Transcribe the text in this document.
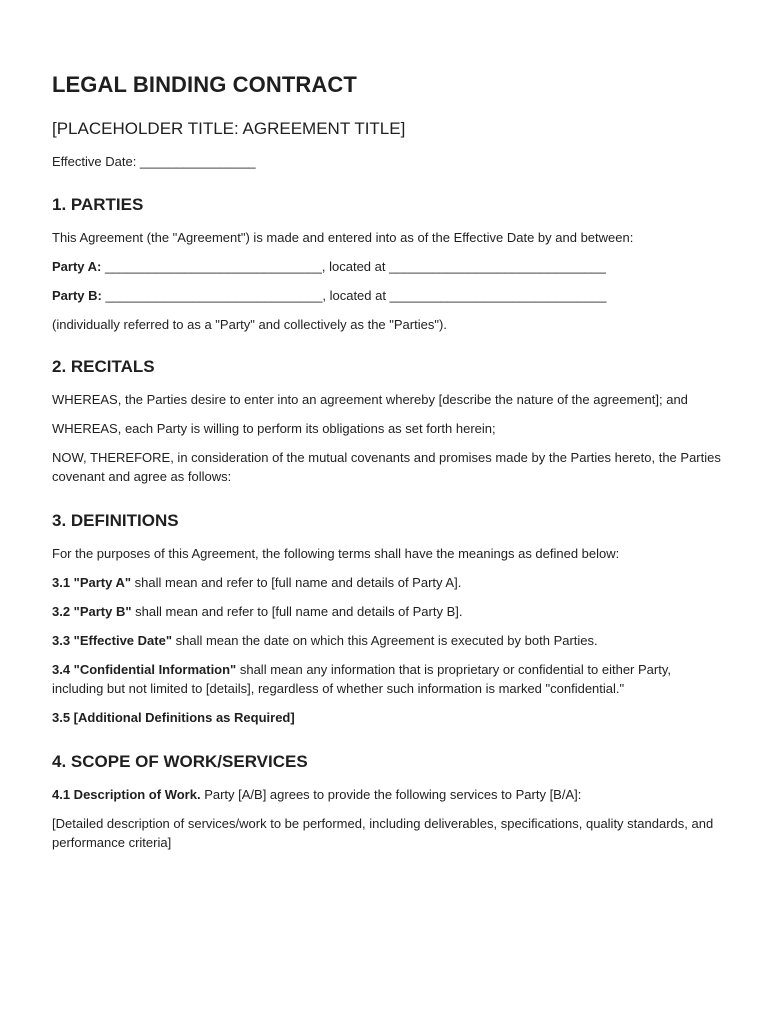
LEGAL BINDING CONTRACT
[PLACEHOLDER TITLE: AGREEMENT TITLE]

Effective Date: ________________

1. PARTIES

This Agreement (the "Agreement") is made and entered into as of the Effective Date by and between:

Party A: ______________________________, located at ______________________________

Party B: ______________________________, located at ______________________________

(individually referred to as a "Party" and collectively as the "Parties").

2. RECITALS

WHEREAS, the Parties desire to enter into an agreement whereby [describe the nature of the agreement]; and

WHEREAS, each Party is willing to perform its obligations as set forth herein;

NOW, THEREFORE, in consideration of the mutual covenants and promises made by the Parties hereto, the Parties covenant and agree as follows:

3. DEFINITIONS

For the purposes of this Agreement, the following terms shall have the meanings as defined below:

3.1 "Party A" shall mean and refer to [full name and details of Party A].

3.2 "Party B" shall mean and refer to [full name and details of Party B].

3.3 "Effective Date" shall mean the date on which this Agreement is executed by both Parties.

3.4 "Confidential Information" shall mean any information that is proprietary or confidential to either Party, including but not limited to [details], regardless of whether such information is marked "confidential."

3.5 [Additional Definitions as Required]

4. SCOPE OF WORK/SERVICES

4.1 Description of Work. Party [A/B] agrees to provide the following services to Party [B/A]:

[Detailed description of services/work to be performed, including deliverables, specifications, quality standards, and performance criteria]
